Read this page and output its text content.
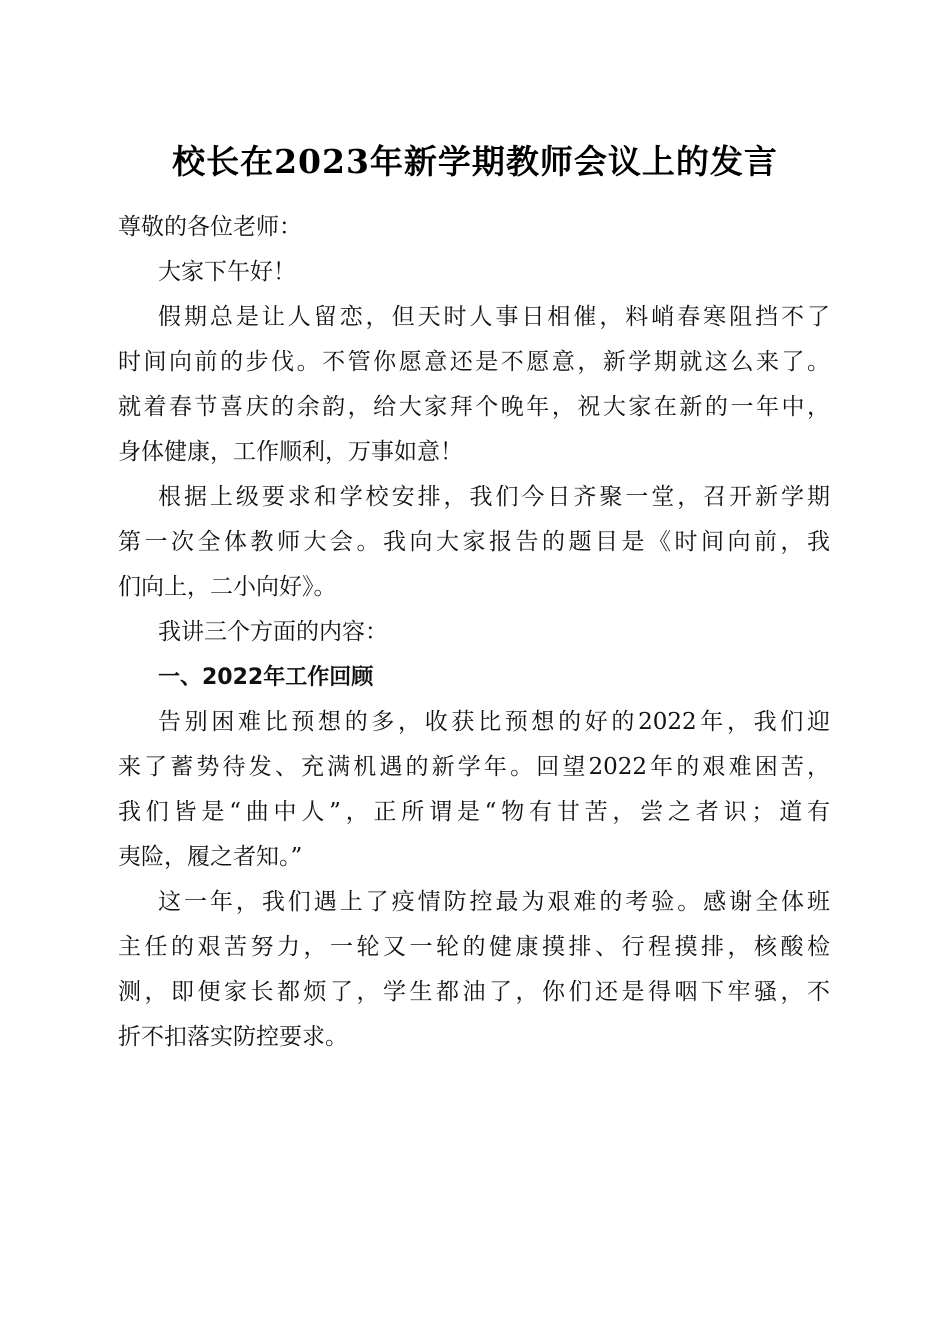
校长在2023年新学期教师会议上的发言
尊敬的各位老师：
大家下午好！
假期总是让人留恋，但天时人事日相催，料峭春寒阻挡不了
时间向前的步伐。不管你愿意还是不愿意，新学期就这么来了。
就着春节喜庆的余韵，给大家拜个晚年，祝大家在新的一年中，
身体健康，工作顺利，万事如意！
根据上级要求和学校安排，我们今日齐聚一堂，召开新学期
第一次全体教师大会。我向大家报告的题目是《时间向前，我
们向上，二小向好》。
我讲三个方面的内容：
一、2022年工作回顾
告别困难比预想的多，收获比预想的好的2022年，我们迎
来了蓄势待发、充满机遇的新学年。回望2022年的艰难困苦，
我们皆是“曲中人”，正所谓是“物有甘苦，尝之者识；道有
夷险，履之者知。”
这一年，我们遇上了疫情防控最为艰难的考验。感谢全体班
主任的艰苦努力，一轮又一轮的健康摸排、行程摸排，核酸检
测，即便家长都烦了，学生都油了，你们还是得咽下牢骚，不
折不扣落实防控要求。
